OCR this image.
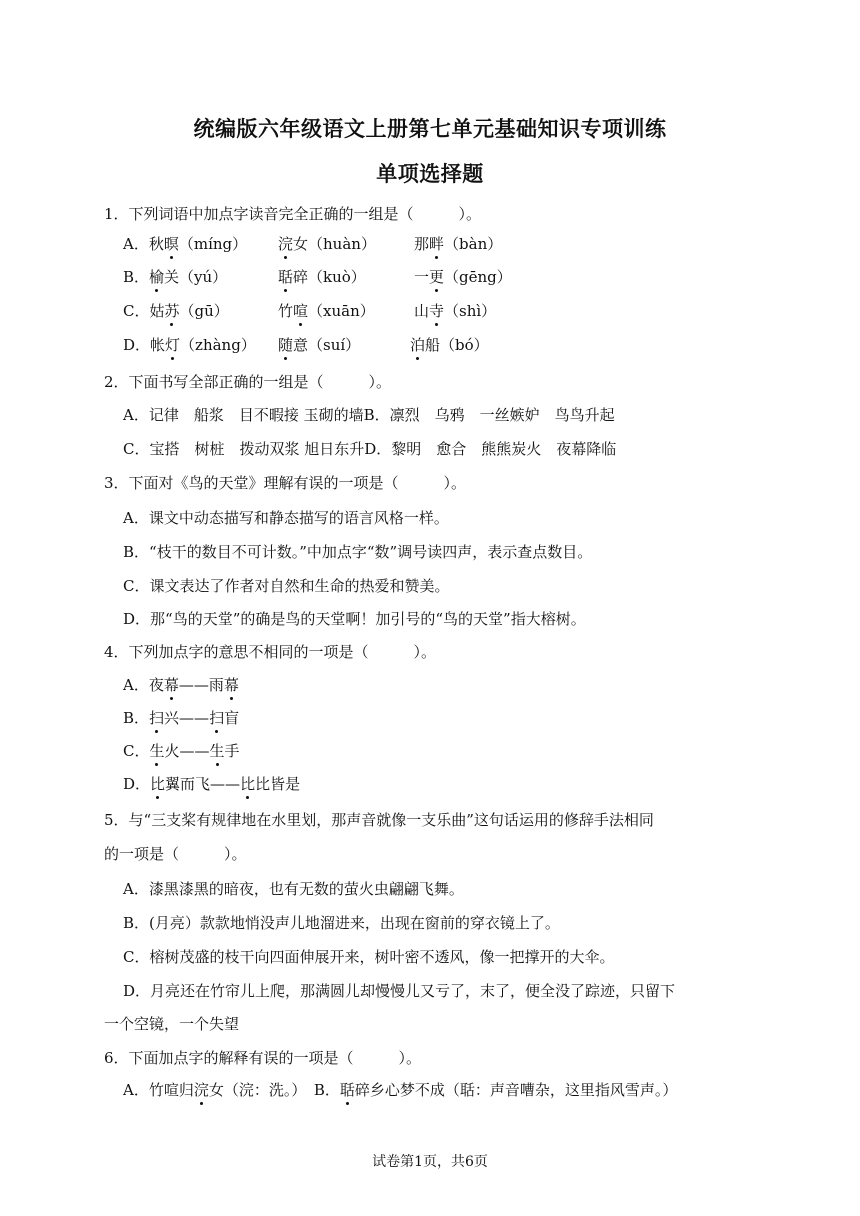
统编版六年级语文上册第七单元基础知识专项训练
单项选择题
1．下列词语中加点字读音完全正确的一组是（　　　）。
A．秋暝（míng） 浣女（huàn）	那畔（bàn）
B．榆关（yú）	聒碎（kuò）	一更（gēng）
C．姑苏（gū）	竹喧（xuān）	山寺（shì）
D．帐灯（zhàng） 随意（suí）	泊船（bó）
2．下面书写全部正确的一组是（　　　）。
A．记律　船浆　目不暇接 玉砌的墙B．凛烈　乌鸦　一丝嫉妒　鸟鸟升起
C．宝搭　树桩　拨动双浆 旭日东升D．黎明　愈合　熊熊炭火　夜幕降临
3．下面对《鸟的天堂》理解有误的一项是（　　　）。
A．课文中动态描写和静态描写的语言风格一样。
B．“枝干的数目不可计数。”中加点字“数”调号读四声，表示查点数目。
C．课文表达了作者对自然和生命的热爱和赞美。
D．那“鸟的天堂”的确是鸟的天堂啊！加引号的“鸟的天堂”指大榕树。
4．下列加点字的意思不相同的一项是（　　　）。
A．夜幕——雨幕
B．扫兴——扫盲
C．生火——生手
D．比翼而飞——比比皆是
5．与“三支桨有规律地在水里划，那声音就像一支乐曲”这句话运用的修辞手法相同
的一项是（　　　）。
A．漆黑漆黑的暗夜，也有无数的萤火虫翩翩飞舞。
B．(月亮）款款地悄没声儿地溜进来，出现在窗前的穿衣镜上了。
C．榕树茂盛的枝干向四面伸展开来，树叶密不透风，像一把撑开的大伞。
D．月亮还在竹帘儿上爬，那满圆儿却慢慢儿又亏了，末了，便全没了踪迹，只留下
一个空镜，一个失望
6．下面加点字的解释有误的一项是（　　　）。
A．竹喧归浣女（浣：洗。）　B．聒碎乡心梦不成（聒：声音嘈杂，这里指风雪声。）
试卷第1页，共6页
